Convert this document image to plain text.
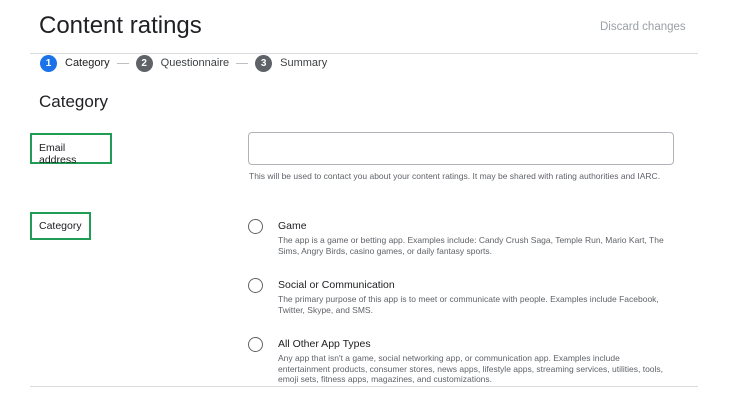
Content ratings	Discard changes
1	Category	2	Questionnaire	3	Summary
Category
Email address
This will be used to contact you about your content ratings. It may be shared with rating authorities and IARC.
Category	Game
The app is a game or betting app. Examples include: Candy Crush Saga, Temple Run, Mario Kart, The Sims, Angry Birds, casino games, or daily fantasy sports.
Social or Communication
The primary purpose of this app is to meet or communicate with people. Examples include Facebook, Twitter, Skype, and SMS.
All Other App Types
Any app that isn't a game, social networking app, or communication app. Examples include entertainment products, consumer stores, news apps, lifestyle apps, streaming services, utilities, tools, emoji sets, fitness apps, magazines, and customizations.
